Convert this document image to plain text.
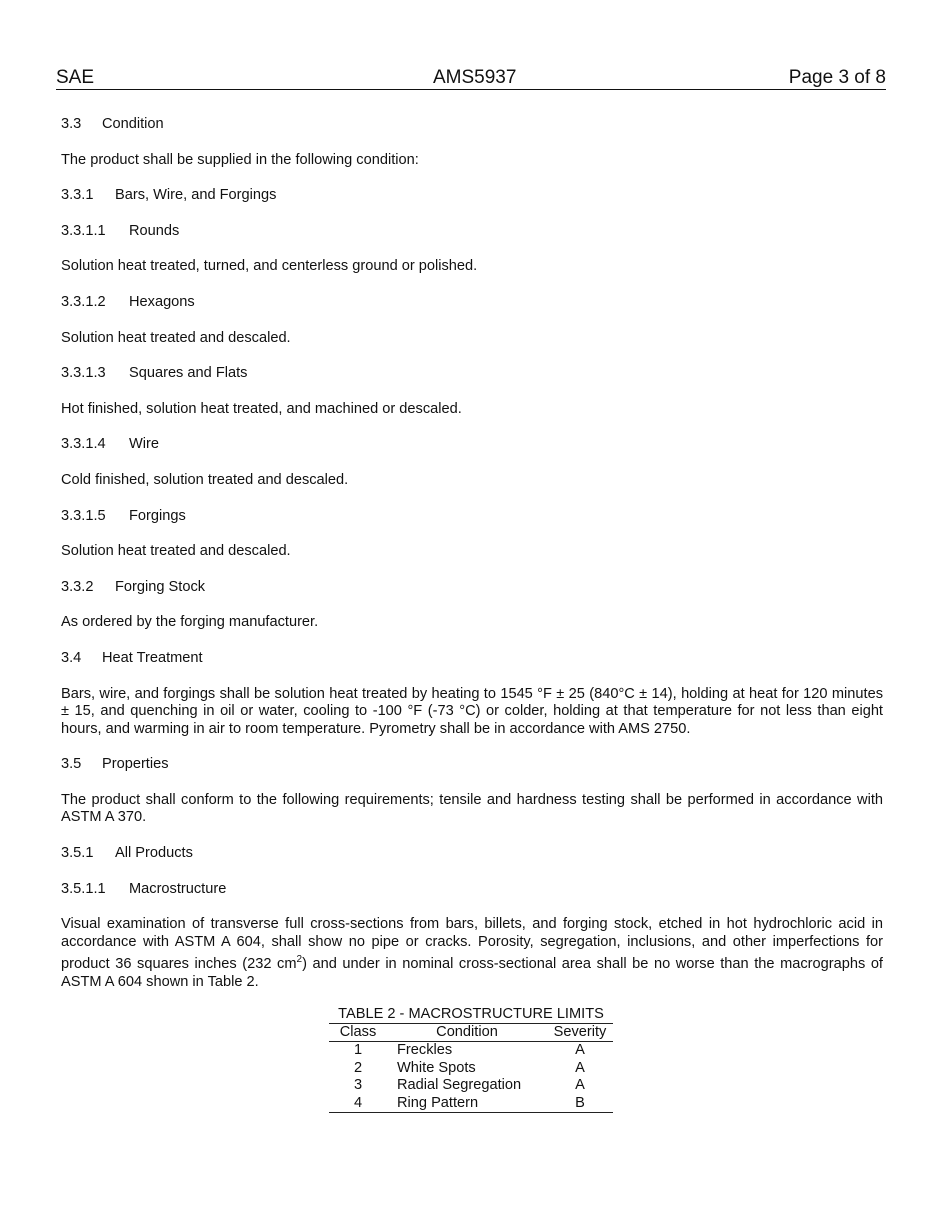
SAE	AMS5937	Page 3 of 8

3.3 Condition

The product shall be supplied in the following condition:

3.3.1 Bars, Wire, and Forgings

3.3.1.1 Rounds

Solution heat treated, turned, and centerless ground or polished.

3.3.1.2 Hexagons

Solution heat treated and descaled.

3.3.1.3 Squares and Flats

Hot finished, solution heat treated, and machined or descaled.

3.3.1.4 Wire

Cold finished, solution treated and descaled.

3.3.1.5 Forgings

Solution heat treated and descaled.

3.3.2 Forging Stock

As ordered by the forging manufacturer.

3.4 Heat Treatment

Bars, wire, and forgings shall be solution heat treated by heating to 1545 °F ± 25 (840°C ± 14), holding at heat for 120 minutes ± 15, and quenching in oil or water, cooling to -100 °F (-73 °C) or colder, holding at that temperature for not less than eight hours, and warming in air to room temperature. Pyrometry shall be in accordance with AMS 2750.

3.5 Properties

The product shall conform to the following requirements; tensile and hardness testing shall be performed in accordance with ASTM A 370.

3.5.1 All Products

3.5.1.1 Macrostructure

Visual examination of transverse full cross-sections from bars, billets, and forging stock, etched in hot hydrochloric acid in accordance with ASTM A 604, shall show no pipe or cracks. Porosity, segregation, inclusions, and other imperfections for product 36 squares inches (232 $cm^2$) and under in nominal cross-sectional area shall be no worse than the macrographs of ASTM A 604 shown in Table 2.

TABLE 2 - MACROSTRUCTURE LIMITS
Class	Condition	Severity
1	Freckles	A
2	White Spots	A
3	Radial Segregation	A
4	Ring Pattern	B
